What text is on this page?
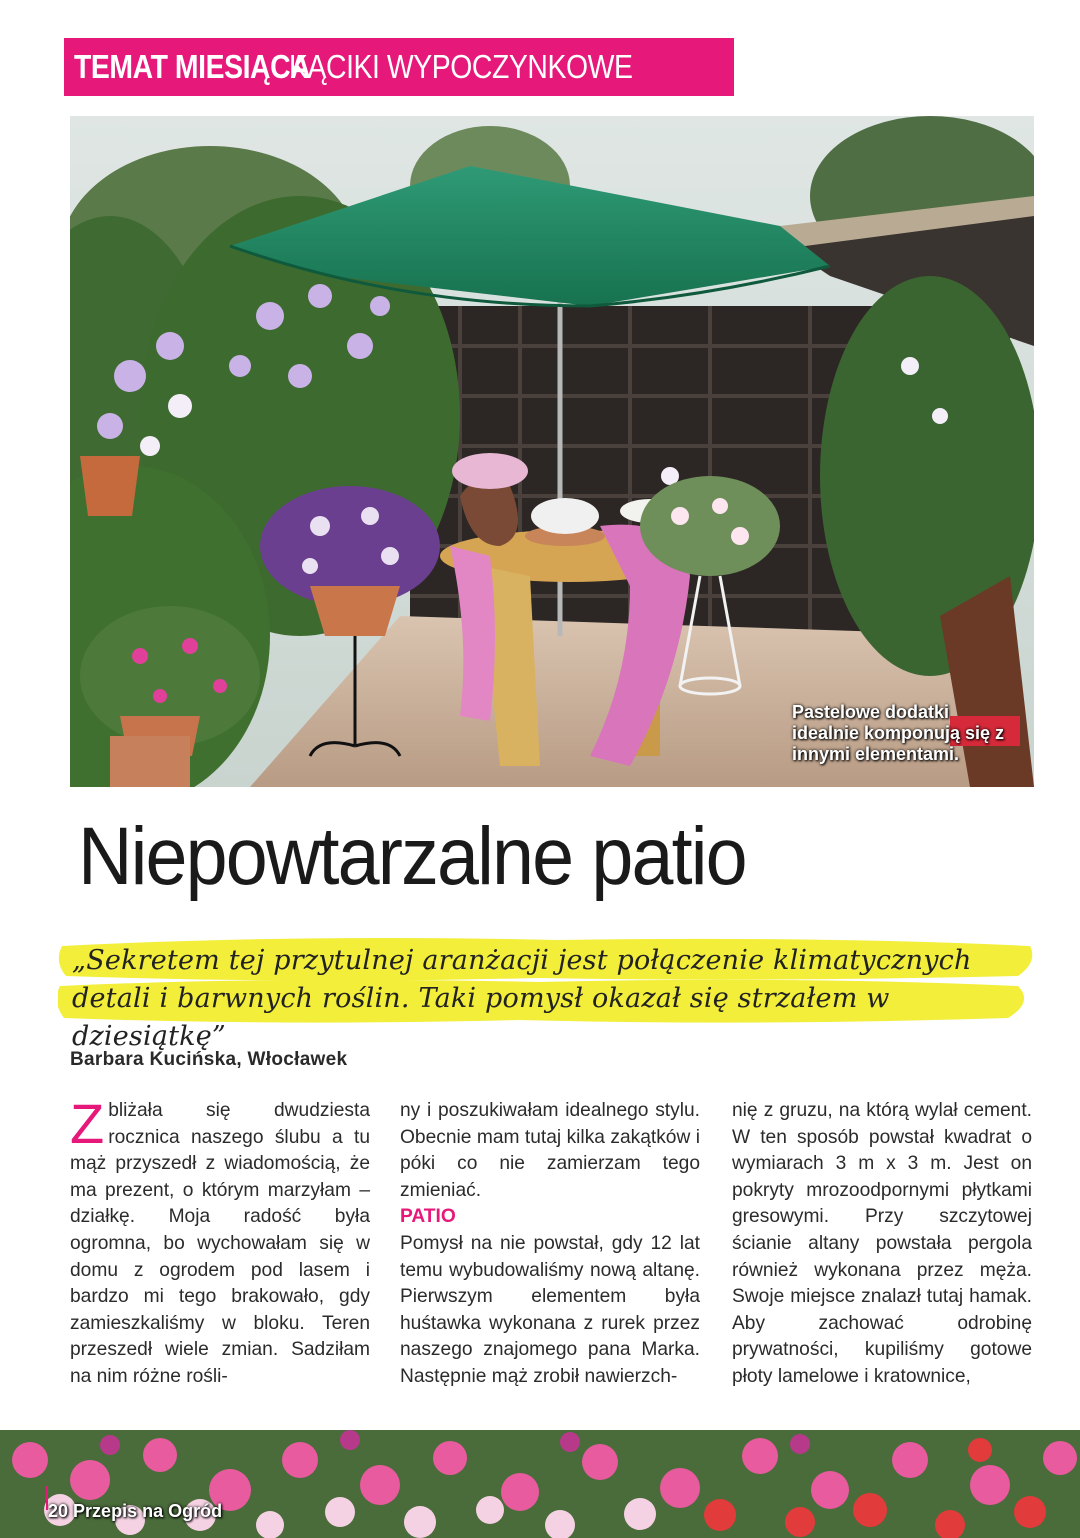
TEMAT MIESIĄCA
KĄCIKI WYPOCZYNKOWE
Pastelowe dodatki idealnie komponują się z innymi elementami.
Niepowtarzalne patio
„Sekretem tej przytulnej aranżacji jest połączenie klimatycznych detali i barwnych roślin. Taki pomysł okazał się strzałem w dziesiątkę”
Barbara Kucińska, Włocławek
Zbliżała się dwudziesta rocznica naszego ślubu a tu mąż przyszedł z wiadomością, że ma prezent, o którym marzyłam – działkę. Moja radość była ogromna, bo wychowałam się w domu z ogrodem pod lasem i bardzo mi tego brakowało, gdy zamieszkaliśmy w bloku. Teren przeszedł wiele zmian. Sadziłam na nim różne rośli-
ny i poszukiwałam idealnego stylu. Obecnie mam tutaj kilka zakątków i póki co nie zamierzam tego zmieniać.
PATIO
Pomysł na nie powstał, gdy 12 lat temu wybudowaliśmy nową altanę. Pierwszym elementem była huśtawka wykonana z rurek przez naszego znajomego pana Marka. Następnie mąż zrobił nawierzch-
nię z gruzu, na którą wylał cement. W ten sposób powstał kwadrat o wymiarach 3 m x 3 m. Jest on pokryty mrozoodpornymi płytkami gresowymi. Przy szczytowej ścianie altany powstała pergola również wykonana przez męża. Swoje miejsce znalazł tutaj hamak. Aby zachować odrobinę prywatności, kupiliśmy gotowe płoty lamelowe i kratownice,
20 Przepis na Ogród
